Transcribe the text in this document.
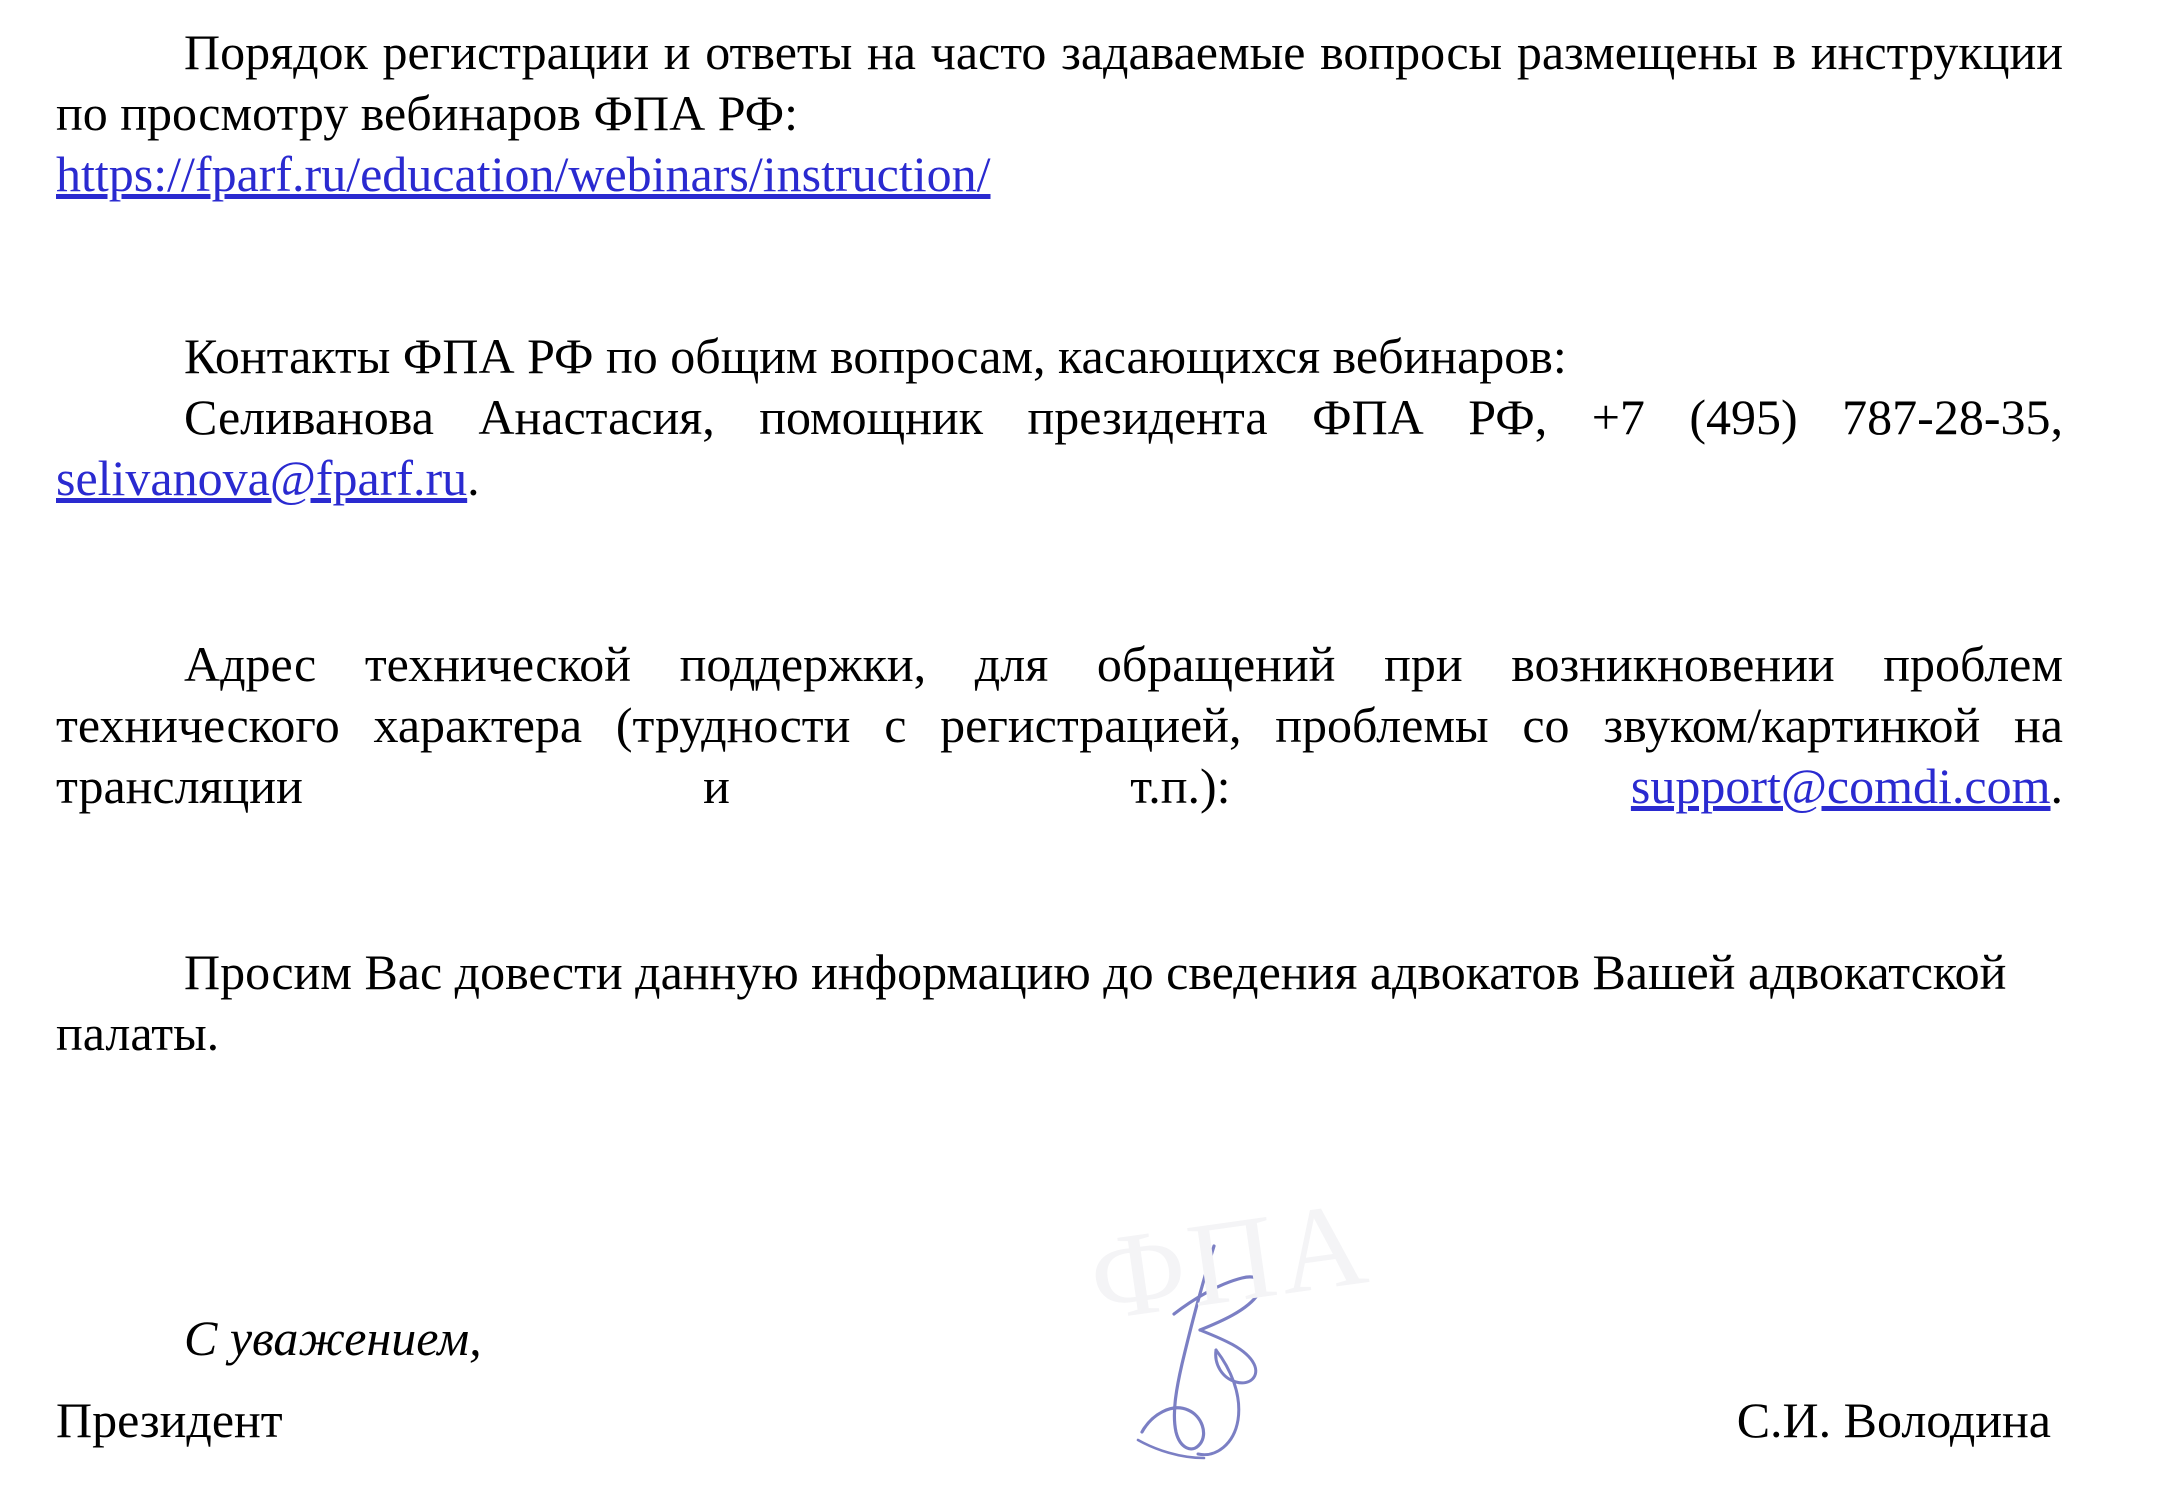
Порядок регистрации и ответы на часто задаваемые вопросы размещены в инструкции по просмотру вебинаров ФПА РФ:
https://fparf.ru/education/webinars/instruction/

Контакты ФПА РФ по общим вопросам, касающихся вебинаров:

Селиванова Анастасия, помощник президента ФПА РФ, +7 (495) 787-28-35, selivanova@fparf.ru.

Адрес технической поддержки, для обращений при возникновении проблем технического характера (трудности с регистрацией, проблемы со звуком/картинкой на трансляции и т.п.): support@comdi.com.

Просим Вас довести данную информацию до сведения адвокатов Вашей адвокатской палаты.

С уважением,
Президент	С.И. Володина
ФПА
